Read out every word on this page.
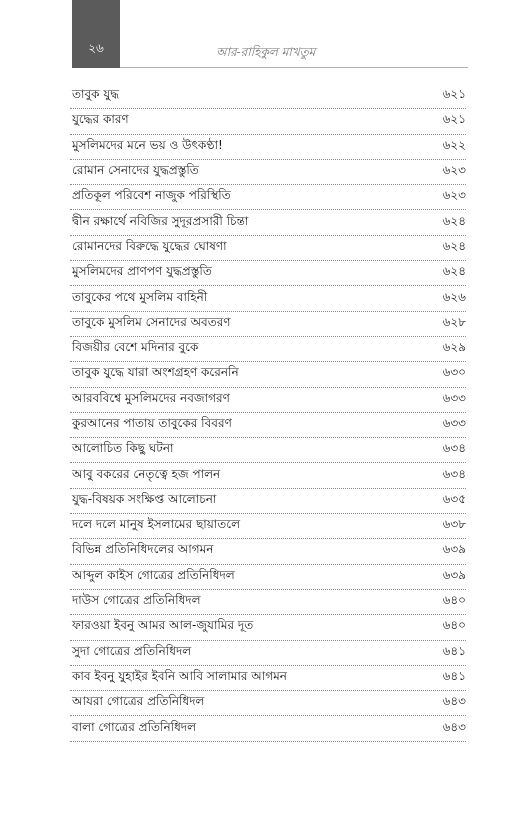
২৬	আর-রাহিকুল মাখতুম
তাবুক যুদ্ধ	৬২১
যুদ্ধের কারণ	৬২১
মুসলিমদের মনে ভয় ও উৎকণ্ঠা!	৬২২
রোমান সেনাদের যুদ্ধপ্রস্তুতি	৬২৩
প্রতিকূল পরিবেশ নাজুক পরিস্থিতি	৬২৩
দ্বীন রক্ষার্থে নবিজির সুদূরপ্রসারী চিন্তা	৬২৪
রোমানদের বিরুদ্ধে যুদ্ধের ঘোষণা	৬২৪
মুসলিমদের প্রাণপণ যুদ্ধপ্রস্তুতি	৬২৪
তাবুকের পথে মুসলিম বাহিনী	৬২৬
তাবুকে মুসলিম সেনাদের অবতরণ	৬২৮
বিজয়ীর বেশে মদিনার বুকে	৬২৯
তাবুক যুদ্ধে যারা অংশগ্রহণ করেননি	৬৩০
আরববিশ্বে মুসলিমদের নবজাগরণ	৬৩৩
কুরআনের পাতায় তাবুকের বিবরণ	৬৩৩
আলোচিত কিছু ঘটনা	৬৩৪
আবু বকরের নেতৃত্বে হজ পালন	৬৩৪
যুদ্ধ-বিষয়ক সংক্ষিপ্ত আলোচনা	৬৩৫
দলে দলে মানুষ ইসলামের ছায়াতলে	৬৩৮
বিভিন্ন প্রতিনিধিদলের আগমন	৬৩৯
আব্দুল কাইস গোত্রের প্রতিনিধিদল	৬৩৯
দাউস গোত্রের প্রতিনিধিদল	৬৪০
ফারওয়া ইবনু আমর আল-জুযামির দূত	৬৪০
সুদা গোত্রের প্রতিনিধিদল	৬৪১
কাব ইবনু যুহাইর ইবনি আবি সালামার আগমন	৬৪১
আযরা গোত্রের প্রতিনিধিদল	৬৪৩
বালা গোত্রের প্রতিনিধিদল	৬৪৩
